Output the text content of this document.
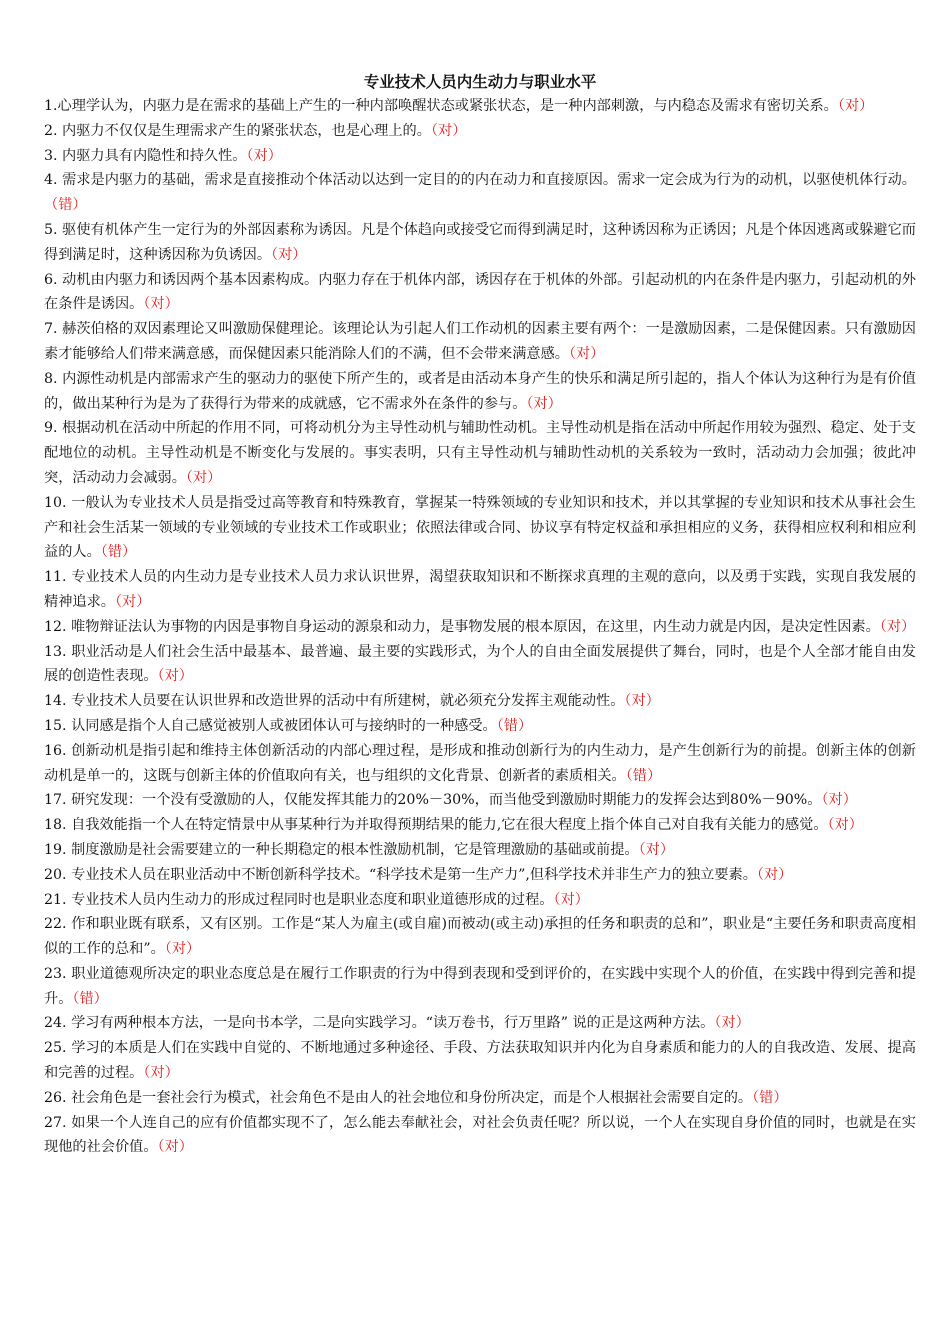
专业技术人员内生动力与职业水平

1.心理学认为，内驱力是在需求的基础上产生的一种内部唤醒状态或紧张状态，是一种内部刺激，与内稳态及需求有密切关系。（对）

2. 内驱力不仅仅是生理需求产生的紧张状态，也是心理上的。（对）

3. 内驱力具有内隐性和持久性。（对）

4. 需求是内驱力的基础，需求是直接推动个体活动以达到一定目的的内在动力和直接原因。需求一定会成为行为的动机，以驱使机体行动。（错）

5. 驱使有机体产生一定行为的外部因素称为诱因。凡是个体趋向或接受它而得到满足时，这种诱因称为正诱因；凡是个体因逃离或躲避它而得到满足时，这种诱因称为负诱因。（对）

6. 动机由内驱力和诱因两个基本因素构成。内驱力存在于机体内部，诱因存在于机体的外部。引起动机的内在条件是内驱力，引起动机的外在条件是诱因。（对）

7. 赫茨伯格的双因素理论又叫激励保健理论。该理论认为引起人们工作动机的因素主要有两个：一是激励因素，二是保健因素。只有激励因素才能够给人们带来满意感，而保健因素只能消除人们的不满，但不会带来满意感。（对）

8. 内源性动机是内部需求产生的驱动力的驱使下所产生的，或者是由活动本身产生的快乐和满足所引起的，指人个体认为这种行为是有价值的，做出某种行为是为了获得行为带来的成就感，它不需求外在条件的参与。（对）

9. 根据动机在活动中所起的作用不同，可将动机分为主导性动机与辅助性动机。主导性动机是指在活动中所起作用较为强烈、稳定、处于支配地位的动机。主导性动机是不断变化与发展的。事实表明，只有主导性动机与辅助性动机的关系较为一致时，活动动力会加强；彼此冲突，活动动力会减弱。（对）

10. 一般认为专业技术人员是指受过高等教育和特殊教育，掌握某一特殊领域的专业知识和技术，并以其掌握的专业知识和技术从事社会生产和社会生活某一领域的专业领域的专业技术工作或职业；依照法律或合同、协议享有特定权益和承担相应的义务，获得相应权利和相应利益的人。（错）

11. 专业技术人员的内生动力是专业技术人员力求认识世界，渴望获取知识和不断探求真理的主观的意向，以及勇于实践，实现自我发展的精神追求。（对）

12. 唯物辩证法认为事物的内因是事物自身运动的源泉和动力，是事物发展的根本原因，在这里，内生动力就是内因，是决定性因素。（对）

13. 职业活动是人们社会生活中最基本、最普遍、最主要的实践形式，为个人的自由全面发展提供了舞台，同时，也是个人全部才能自由发展的创造性表现。（对）

14. 专业技术人员要在认识世界和改造世界的活动中有所建树，就必须充分发挥主观能动性。（对）

15. 认同感是指个人自己感觉被别人或被团体认可与接纳时的一种感受。（错）

16. 创新动机是指引起和维持主体创新活动的内部心理过程，是形成和推动创新行为的内生动力，是产生创新行为的前提。创新主体的创新动机是单一的，这既与创新主体的价值取向有关，也与组织的文化背景、创新者的素质相关。（错）

17. 研究发现：一个没有受激励的人，仅能发挥其能力的20%－30%，而当他受到激励时期能力的发挥会达到80%－90%。（对）

18. 自我效能指一个人在特定情景中从事某种行为并取得预期结果的能力,它在很大程度上指个体自己对自我有关能力的感觉。（对）

19. 制度激励是社会需要建立的一种长期稳定的根本性激励机制，它是管理激励的基础或前提。（对）

20. 专业技术人员在职业活动中不断创新科学技术。“科学技术是第一生产力”,但科学技术并非生产力的独立要素。（对）

21. 专业技术人员内生动力的形成过程同时也是职业态度和职业道德形成的过程。（对）

22. 作和职业既有联系，又有区别。工作是“某人为雇主(或自雇)而被动(或主动)承担的任务和职责的总和”，职业是“主要任务和职责高度相似的工作的总和”。（对）

23. 职业道德观所决定的职业态度总是在履行工作职责的行为中得到表现和受到评价的，在实践中实现个人的价值，在实践中得到完善和提升。（错）

24. 学习有两种根本方法，一是向书本学，二是向实践学习。“读万卷书，行万里路” 说的正是这两种方法。（对）

25. 学习的本质是人们在实践中自觉的、不断地通过多种途径、手段、方法获取知识并内化为自身素质和能力的人的自我改造、发展、提高和完善的过程。（对）

26. 社会角色是一套社会行为模式，社会角色不是由人的社会地位和身份所决定，而是个人根据社会需要自定的。（错）

27. 如果一个人连自己的应有价值都实现不了，怎么能去奉献社会，对社会负责任呢？所以说，一个人在实现自身价值的同时，也就是在实现他的社会价值。（对）
